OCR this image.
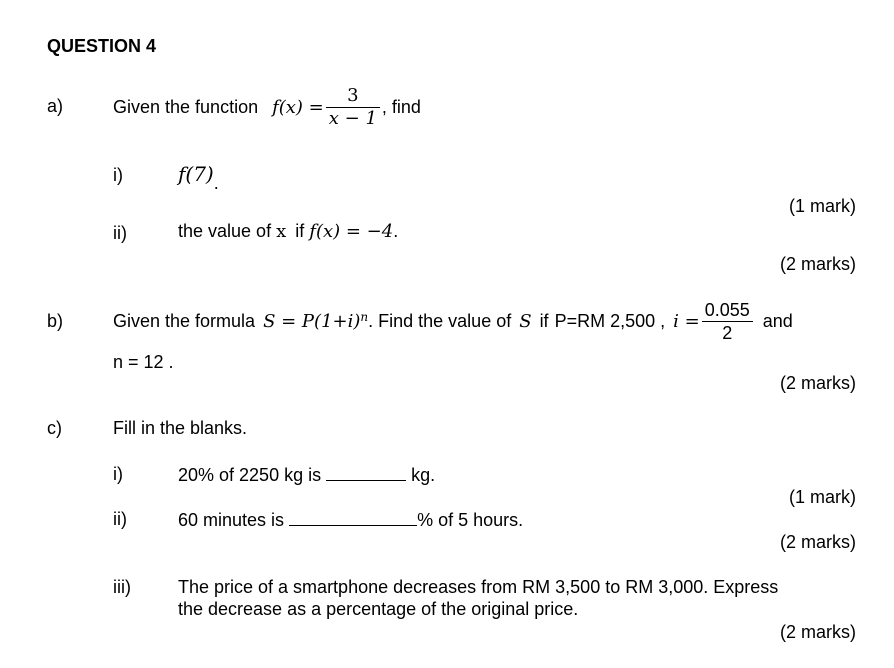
QUESTION 4
a)	Given the function $f(x) = \frac{3}{x - 1}$ , find
i)	f(7).
(1 mark)
ii)	the value of x if f(x) = −4.
(2 marks)
b)	Given the formula $S = P(1+i)^n$ . Find the value of S if P=RM 2,500 , $i = \frac{0.055}{2}$ and
n = 12 .
(2 marks)
c)	Fill in the blanks.
i)	20% of 2250 kg is	kg.
(1 mark)
ii)	60 minutes is	% of 5 hours.
(2 marks)
iii)	The price of a smartphone decreases from RM 3,500 to RM 3,000. Express
the decrease as a percentage of the original price.
(2 marks)
